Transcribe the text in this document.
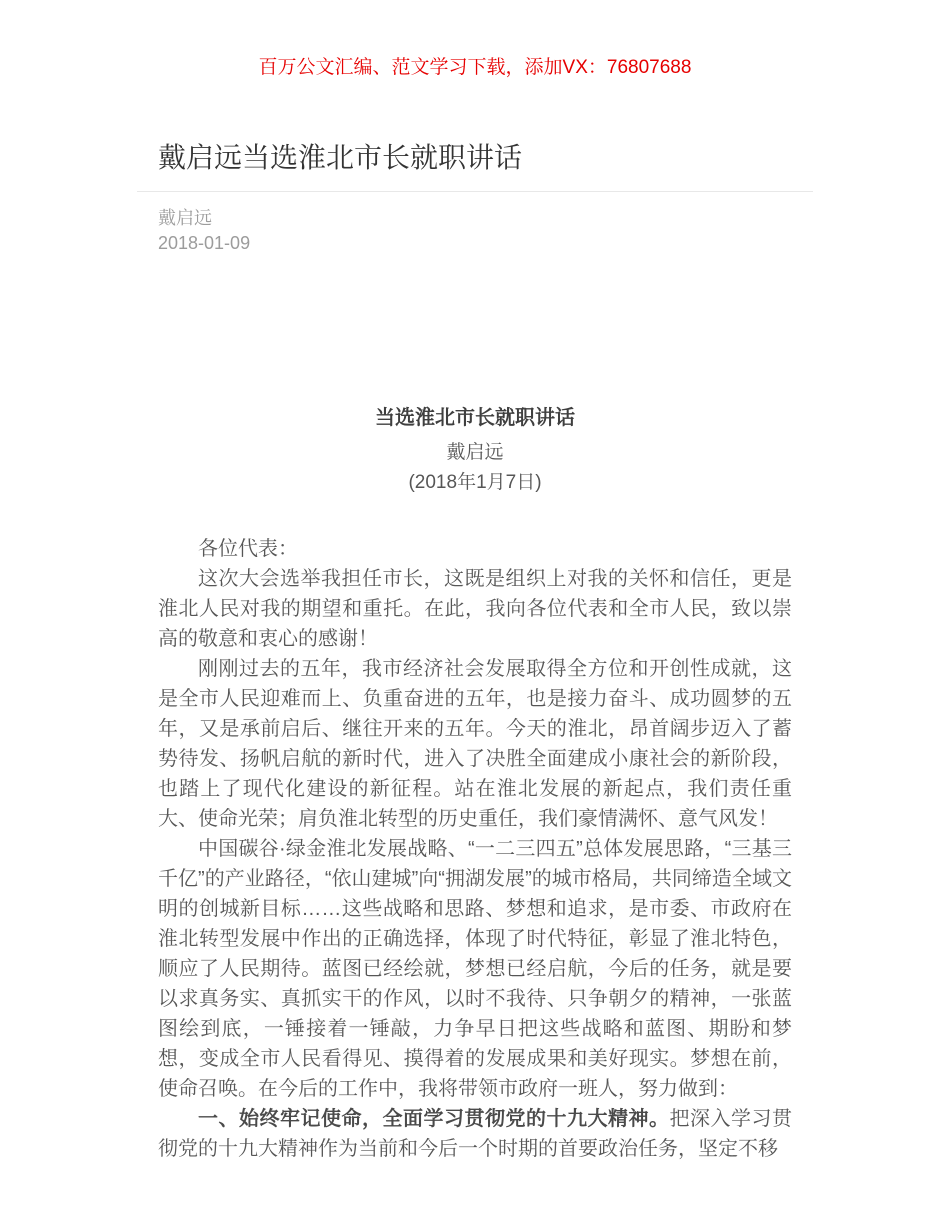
百万公文汇编、范文学习下载，添加VX：76807688
戴启远当选淮北市长就职讲话
戴启远
2018-01-09
当选淮北市长就职讲话
戴启远
(2018年1月7日)

各位代表：

这次大会选举我担任市长，这既是组织上对我的关怀和信任，更是淮北人民对我的期望和重托。在此，我向各位代表和全市人民，致以崇高的敬意和衷心的感谢！

刚刚过去的五年，我市经济社会发展取得全方位和开创性成就，这是全市人民迎难而上、负重奋进的五年，也是接力奋斗、成功圆梦的五年，又是承前启后、继往开来的五年。今天的淮北，昂首阔步迈入了蓄势待发、扬帆启航的新时代，进入了决胜全面建成小康社会的新阶段，也踏上了现代化建设的新征程。站在淮北发展的新起点，我们责任重大、使命光荣；肩负淮北转型的历史重任，我们豪情满怀、意气风发！

中国碳谷·绿金淮北发展战略、“一二三四五”总体发展思路，“三基三千亿”的产业路径，“依山建城”向“拥湖发展”的城市格局，共同缔造全域文明的创城新目标……这些战略和思路、梦想和追求，是市委、市政府在淮北转型发展中作出的正确选择，体现了时代特征，彰显了淮北特色，顺应了人民期待。蓝图已经绘就，梦想已经启航，今后的任务，就是要以求真务实、真抓实干的作风，以时不我待、只争朝夕的精神，一张蓝图绘到底，一锤接着一锤敲，力争早日把这些战略和蓝图、期盼和梦想，变成全市人民看得见、摸得着的发展成果和美好现实。梦想在前，使命召唤。在今后的工作中，我将带领市政府一班人，努力做到：

一、始终牢记使命，全面学习贯彻党的十九大精神。把深入学习贯彻党的十九大精神作为当前和今后一个时期的首要政治任务，坚定不移
